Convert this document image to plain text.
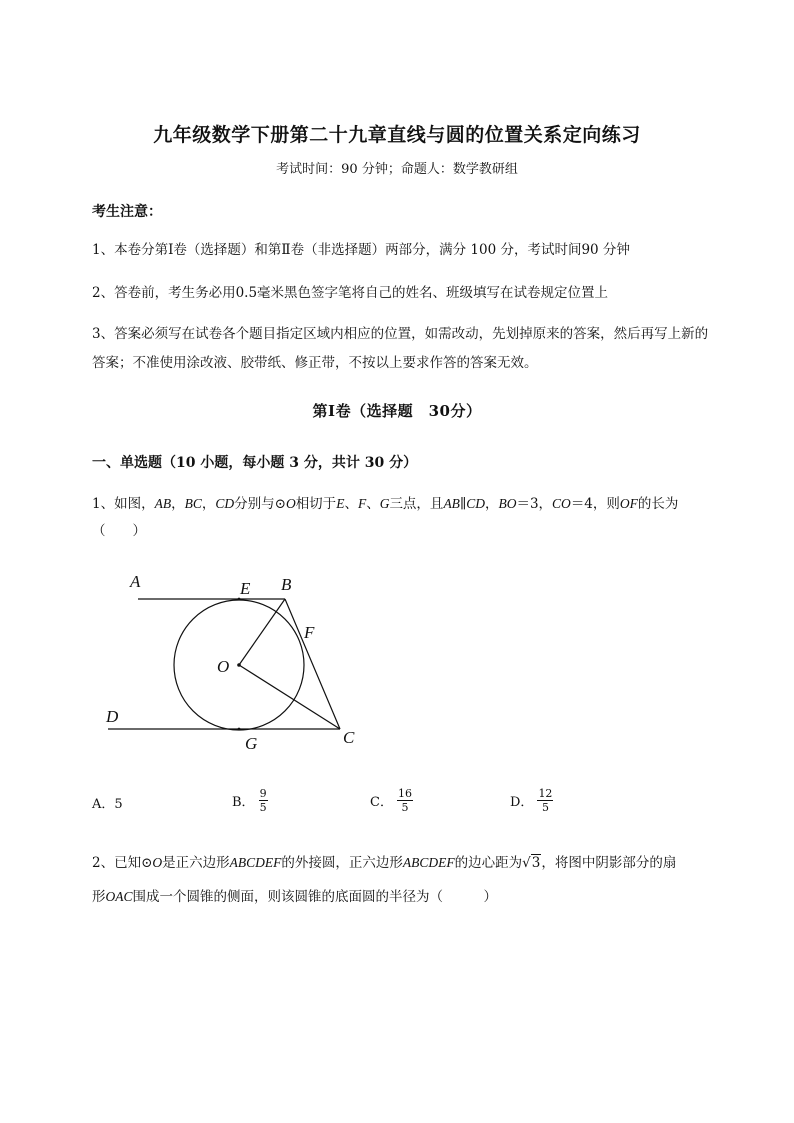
九年级数学下册第二十九章直线与圆的位置关系定向练习
考试时间：90 分钟；命题人：数学教研组
考生注意：
1、本卷分第Ⅰ卷（选择题）和第Ⅱ卷（非选择题）两部分，满分 100 分，考试时间90 分钟
2、答卷前，考生务必用0.5毫米黑色签字笔将自己的姓名、班级填写在试卷规定位置上
3、答案必须写在试卷各个题目指定区域内相应的位置，如需改动，先划掉原来的答案，然后再写上新的答案；不准使用涂改液、胶带纸、修正带，不按以上要求作答的答案无效。
第Ⅰ卷（选择题　30分）
一、单选题（10 小题，每小题 3 分，共计 30 分）
1、如图，AB，BC，CD分别与⊙O相切于E、F、G三点，且AB∥CD，BO＝3，CO＝4，则OF的长为
（　　）
A	E B
F
O
D
G	C
A．5	B． $\frac{9}{5}$	C． $\frac{16}{5}$	D． $\frac{12}{5}$
2、已知⊙O是正六边形ABCDEF的外接圆，正六边形ABCDEF的边心距为√3，将图中阴影部分的扇
形OAC围成一个圆锥的侧面，则该圆锥的底面圆的半径为（　　　）
